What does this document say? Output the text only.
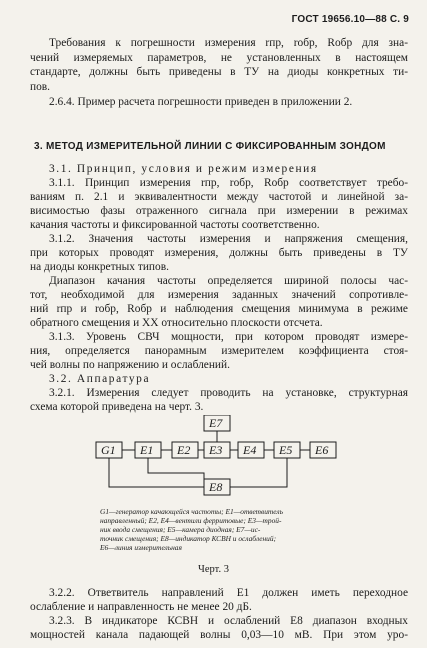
ГОСТ 19656.10—88 С. 9
Требования к погрешности измерения rпр, rобр, Rобр для зна-
чений измеряемых параметров, не установленных в настоящем
стандарте, должны быть приведены в ТУ на диоды конкретных ти-
пов.
2.6.4. Пример расчета погрешности приведен в приложении 2.
3. МЕТОД ИЗМЕРИТЕЛЬНОЙ ЛИНИИ С ФИКСИРОВАННЫМ ЗОНДОМ
3.1. Принцип, условия и режим измерения
3.1.1. Принцип измерения rпр, rобр, Rобр соответствует требо-
ваниям п. 2.1 и эквивалентности между частотой и линейной за-
висимостью фазы отраженного сигнала при измерении в режимах
качания частоты и фиксированной частоты соответственно.
3.1.2. Значения частоты измерения и напряжения смещения,
при которых проводят измерения, должны быть приведены в ТУ
на диоды конкретных типов.
Диапазон качания частоты определяется шириной полосы час-
тот, необходимой для измерения заданных значений сопротивле-
ний rпр и rобр, Rобр и наблюдения смещения минимума в режиме
обратного смещения и XX относительно плоскости отсчета.
3.1.3. Уровень СВЧ мощности, при котором проводят измере-
ния, определяется панорамным измерителем коэффициента стоя-
чей волны по напряжению и ослаблений.
3.2. Аппаратура
3.2.1. Измерения следует проводить на установке, структурная
схема которой приведена на черт. 3.
E7
G1 E1 E2 E3 E4 E5 E6
E8
G1—генератор качающейся частоты; E1—ответвитель
направленный; E2, E4—вентили ферритовые; E3—трой-
ник ввода смещения; E5—камера диодная; E7—ис-
точник смещения; E8—индикатор КСВН и ослаблений;
E6—линия измерительная
Черт. 3
3.2.2. Ответвитель направлений E1 должен иметь переходное
ослабление и направленность не менее 20 дБ.
3.2.3. В индикаторе КСВН и ослаблений E8 диапазон входных
мощностей канала падающей волны 0,03—10 мВ. При этом уро-
